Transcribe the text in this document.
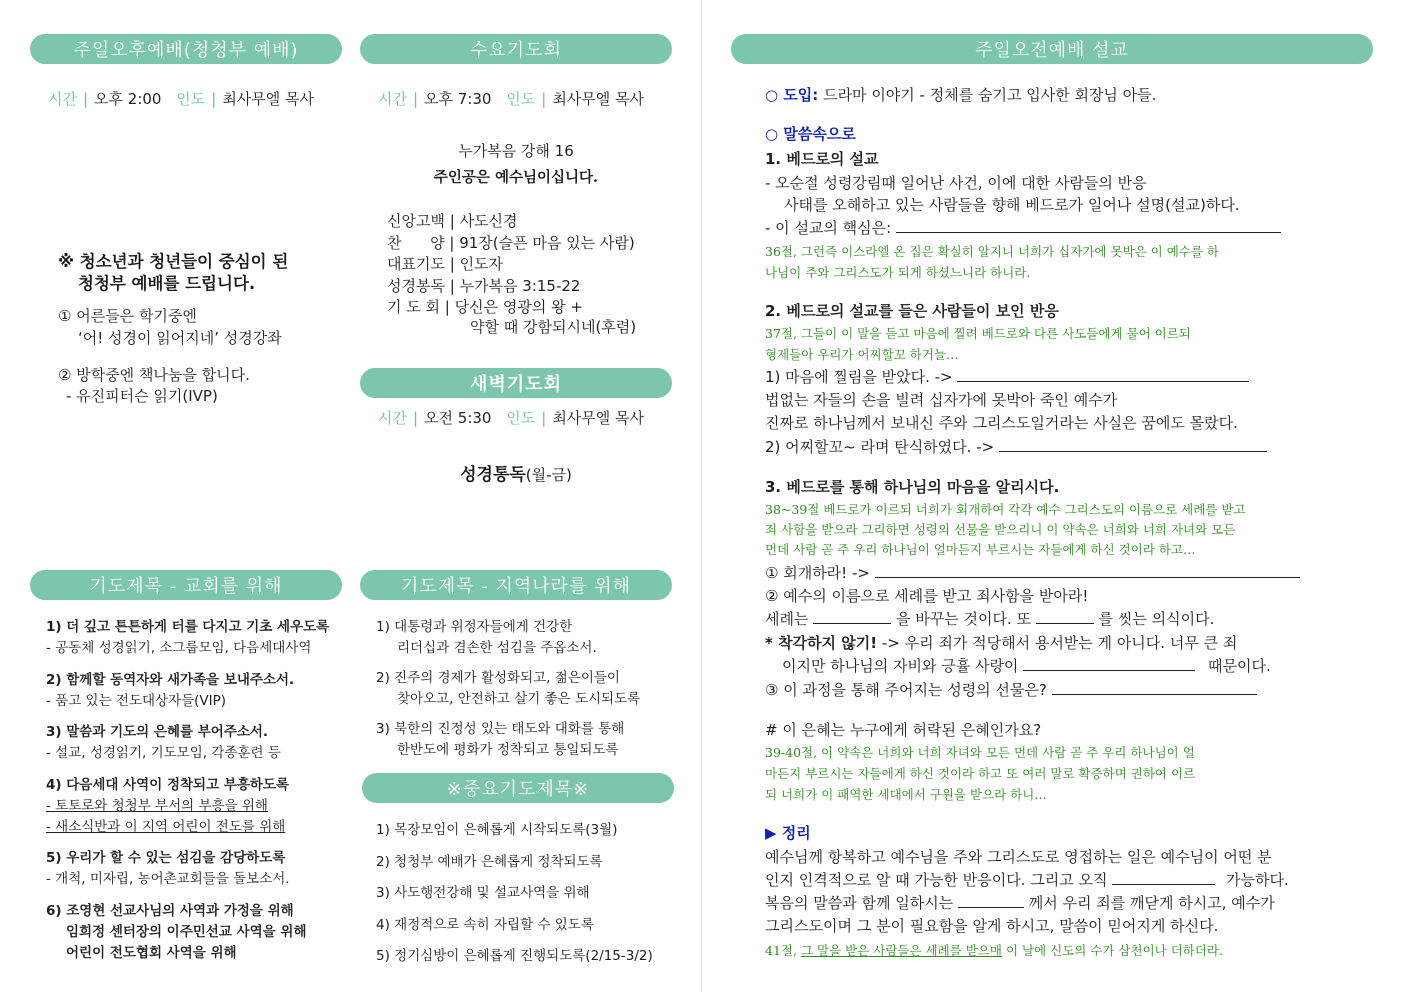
주일오후예배 (청청부 예배)
시간 | 오후 2:00 인도 | 최사무엘 목사
※ 청소년과 청년들이 중심이 된
청청부 예배를 드립니다.
① 어른들은 학기중엔
‘어! 성경이 읽어지네’ 성경강좌
② 방학중엔 책나눔을 합니다.
- 유진피터슨 읽기(IVP)
기도제목 - 교회를 위해
1) 더 깊고 튼튼하게 터를 다지고 기초 세우도록
- 공동체 성경읽기, 소그룹모임, 다음세대사역
2) 함께할 동역자와 새가족을 보내주소서.
- 품고 있는 전도대상자들(VIP)
3) 말씀과 기도의 은혜를 부어주소서.
- 설교, 성경읽기, 기도모임, 각종훈련 등
4) 다음세대 사역이 정착되고 부흥하도록
- 토토로와 청청부 부서의 부흥을 위해
- 새소식반과 이 지역 어린이 전도를 위해
5) 우리가 할 수 있는 섬김을 감당하도록
- 개척, 미자립, 농어촌교회들을 돌보소서.
6) 조영현 선교사님의 사역과 가정을 위해
임희정 센터장의 이주민선교 사역을 위해
어린이 전도협회 사역을 위해
수요기도회
시간 | 오후 7:30 인도 | 최사무엘 목사
누가복음 강해 16
주인공은 예수님이십니다.
신앙고백 | 사도신경
찬      양 | 91장(슬픈 마음 있는 사람)
대표기도 | 인도자
성경봉독 | 누가복음 3:15-22
기 도 회 | 당신은 영광의 왕 +
약할 때 강함되시네(후렴)
새벽기도회
시간 | 오전 5:30 인도 | 최사무엘 목사
성경통독(월-금)
기도제목 - 지역나라를 위해
1) 대통령과 위정자들에게 건강한
리더십과 겸손한 섬김을 주옵소서.
2) 진주의 경제가 활성화되고, 젊은이들이
찾아오고, 안전하고 살기 좋은 도시되도록
3) 북한의 진정성 있는 태도와 대화를 통해
한반도에 평화가 정착되고 통일되도록
※중요기도제목※
1) 목장모임이 은혜롭게 시작되도록(3월)
2) 청청부 예배가 은혜롭게 정착되도록
3) 사도행전강해 및 설교사역을 위해
4) 재정적으로 속히 자립할 수 있도록
5) 정기심방이 은혜롭게 진행되도록(2/15-3/2)
주일오전예배 설교
○ 도입: 드라마 이야기 - 정체를 숨기고 입사한 회장님 아들.
○ 말씀속으로
1. 베드로의 설교
- 오순절 성령강림때 일어난 사건, 이에 대한 사람들의 반응
사태를 오해하고 있는 사람들을 향해 베드로가 일어나 설명(설교)하다.
- 이 설교의 핵심은:
36절, 그런즉 이스라엘 온 집은 확실히 알지니 너희가 십자가에 못박은 이 예수를 하
나님이 주와 그리스도가 되게 하셨느니라 하니라.
2. 베드로의 설교를 들은 사람들이 보인 반응
37절, 그들이 이 말을 듣고 마음에 찔려 베드로와 다른 사도들에게 물어 이르되
형제들아 우리가 어찌할꼬 하거늘…
1) 마음에 찔림을 받았다. ->
법없는 자들의 손을 빌려 십자가에 못박아 죽인 예수가
진짜로 하나님께서 보내신 주와 그리스도일거라는 사실은 꿈에도 몰랐다.
2) 어찌할꼬~ 라며 탄식하였다. ->
3. 베드로를 통해 하나님의 마음을 알리시다.
38~39절 베드로가 이르되 너희가 회개하여 각각 예수 그리스도의 이름으로 세례를 받고
죄 사함을 받으라 그리하면 성령의 선물을 받으리니 이 약속은 너희와 너희 자녀와 모든
먼데 사람 곧 주 우리 하나님이 얼마든지 부르시는 자들에게 하신 것이라 하고…
① 회개하라! ->
② 예수의 이름으로 세례를 받고 죄사함을 받아라!
세례는	을 바꾸는 것이다. 또	를 씻는 의식이다.
* 착각하지 않기! -> 우리 죄가 적당해서 용서받는 게 아니다. 너무 큰 죄
이지만 하나님의 자비와 긍휼 사랑이	때문이다.
③ 이 과정을 통해 주어지는 성령의 선물은?
# 이 은혜는 누구에게 허락된 은혜인가요?
39-40절, 이 약속은 너희와 너희 자녀와 모든 먼데 사람 곧 주 우리 하나님이 얼
마든지 부르시는 자들에게 하신 것이라 하고 또 여러 말로 확증하며 권하여 이르
되 너희가 이 패역한 세대에서 구원을 받으라 하니…
▶ 정리
예수님께 항복하고 예수님을 주와 그리스도로 영접하는 일은 예수님이 어떤 분
인지 인격적으로 알 때 가능한 반응이다. 그리고 오직	가능하다.
복음의 말씀과 함께 일하시는	께서 우리 죄를 깨닫게 하시고, 예수가
그리스도이며 그 분이 필요함을 알게 하시고, 말씀이 믿어지게 하신다.
41절, 그 말을 받은 사람들은 세례를 받으매 이 날에 신도의 수가 삼천이나 더하더라.
